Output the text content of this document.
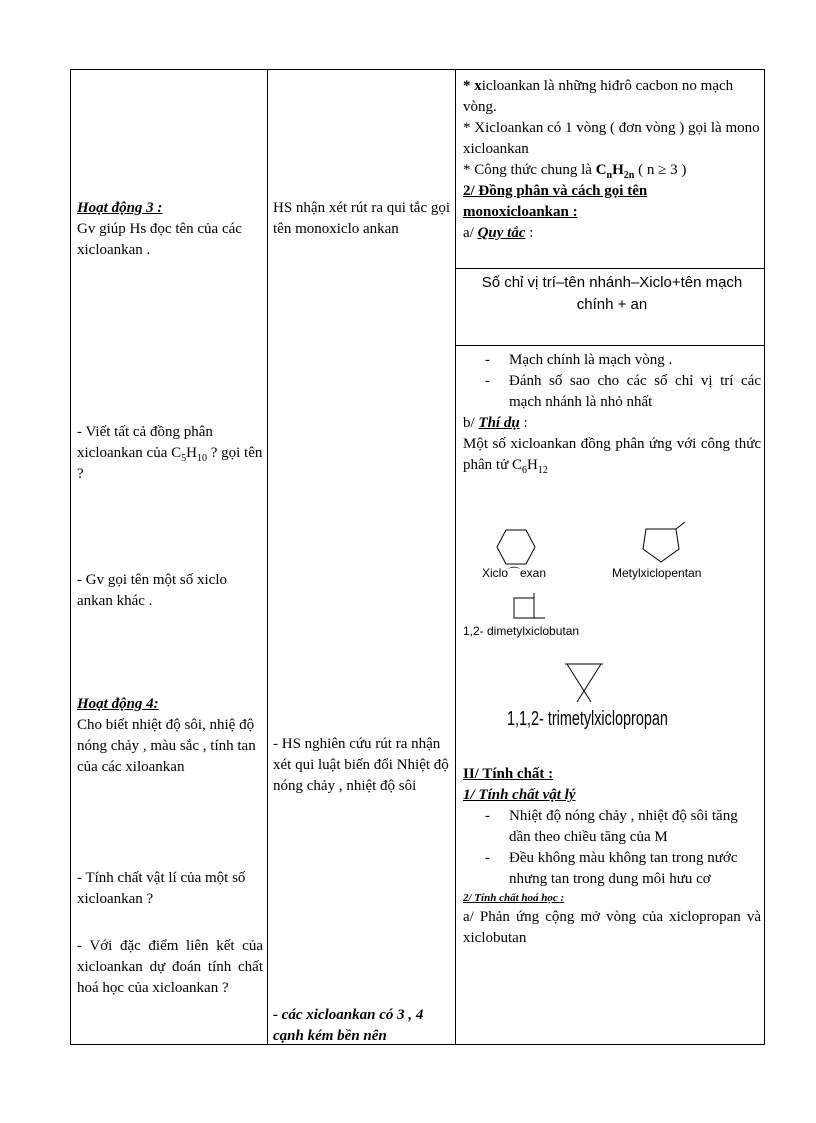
Hoạt động 3 :
Gv giúp Hs đọc tên của các xicloankan .
- Viết tất cả đồng phân xicloankan của $C_5H_{10}$ ? gọi tên ?
- Gv gọi tên một số xiclo ankan khác .
Hoạt động 4:
Cho biết nhiệt độ sôi, nhiệ độ nóng chảy , màu sắc , tính tan của các xiloankan
- Tính chất vật lí của một số xicloankan ?
- Với đặc điểm liên kết của xicloankan dự đoán tính chất hoá học của xicloankan ?
HS nhận xét rút ra qui tắc gọi tên monoxiclo ankan
- HS nghiên cứu rút ra nhận xét qui luật biến đổi Nhiệt độ nóng chảy , nhiệt độ sôi
- các xicloankan có 3 , 4 cạnh kém bền nên
* xicloankan là những hiđrô cacbon no mạch vòng.
* Xicloankan có 1 vòng ( đơn vòng ) gọi là mono xicloankan
* Công thức chung là $C_nH_{2n}$ ( n ≥ 3 )
2/ Đồng phân và cách gọi tên
monoxicloankan :
a/ Quy tắc :
Số chỉ vị trí–tên nhánh–Xiclo+tên mạch
chính + an
- Mạch chính là mạch vòng .
- Đánh số sao cho các số chỉ vị trí các mạch nhánh là nhỏ nhất
b/ Thí dụ :
Một số xicloankan đồng phân ứng với công thức phân tử $C_6H_{12}$
Xiclo⌒exan	Metylxiclopentan
1,2- dimetylxiclobutan
1,1,2- trimetylxiclopropan
II/ Tính chất :
1/ Tính chất vật lý
- Nhiệt độ nóng chảy , nhiệt độ sôi tăng dần theo chiều tăng của M
- Đều không màu không tan trong nước nhưng tan trong dung môi hưu cơ
2/ Tính chất hoá học :
a/ Phản ứng cộng mở vòng của xiclopropan và xiclobutan
